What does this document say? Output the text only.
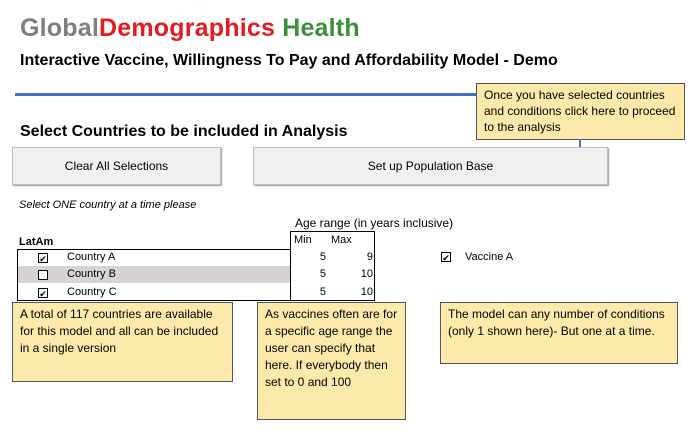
GlobalDemographics Health
Interactive Vaccine, Willingness To Pay and Affordability Model - Demo
Once you have selected countries and conditions click here to proceed to the analysis
Select Countries to be included in Analysis
Clear All Selections	Set up Population Base
Select ONE country at a time please
Age range (in years inclusive)
LatAm	Min Max
✔ Country A	5	9
Country B	5	10
✔ Country C	5	10
✔ Vaccine A
A total of 117 countries are available for this model and all can be included in a single version
As vaccines often are for a specific age range the user can specify that here. If everybody then set to 0 and 100
The model can any number of conditions (only 1 shown here)- But one at a time.
